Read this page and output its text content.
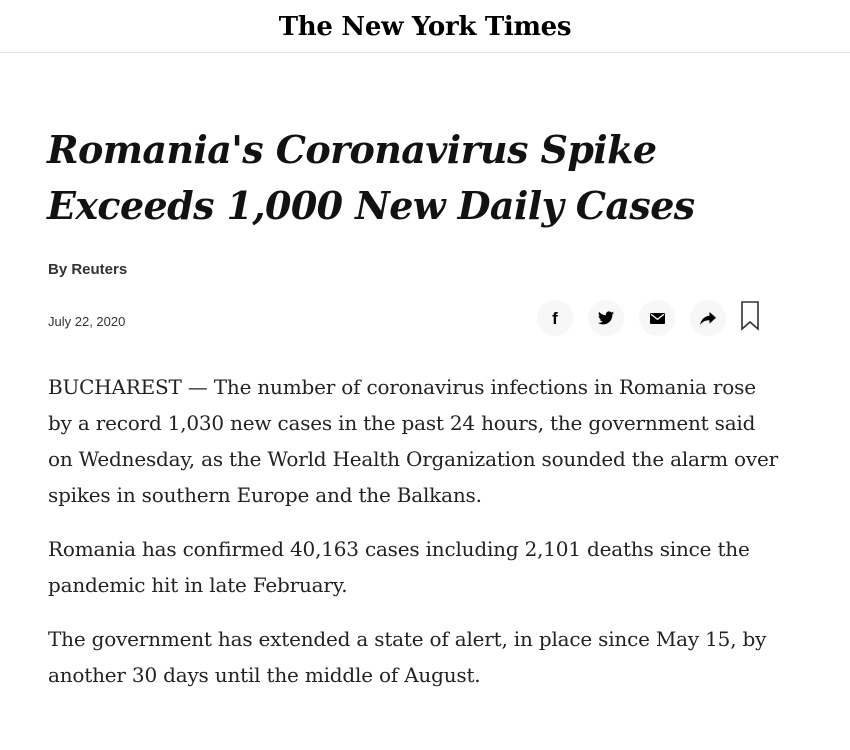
The New York Times
Romania's Coronavirus Spike Exceeds 1,000 New Daily Cases
By Reuters
July 22, 2020	f

BUCHAREST — The number of coronavirus infections in Romania rose by a record 1,030 new cases in the past 24 hours, the government said on Wednesday, as the World Health Organization sounded the alarm over spikes in southern Europe and the Balkans.

Romania has confirmed 40,163 cases including 2,101 deaths since the pandemic hit in late February.

The government has extended a state of alert, in place since May 15, by another 30 days until the middle of August.
